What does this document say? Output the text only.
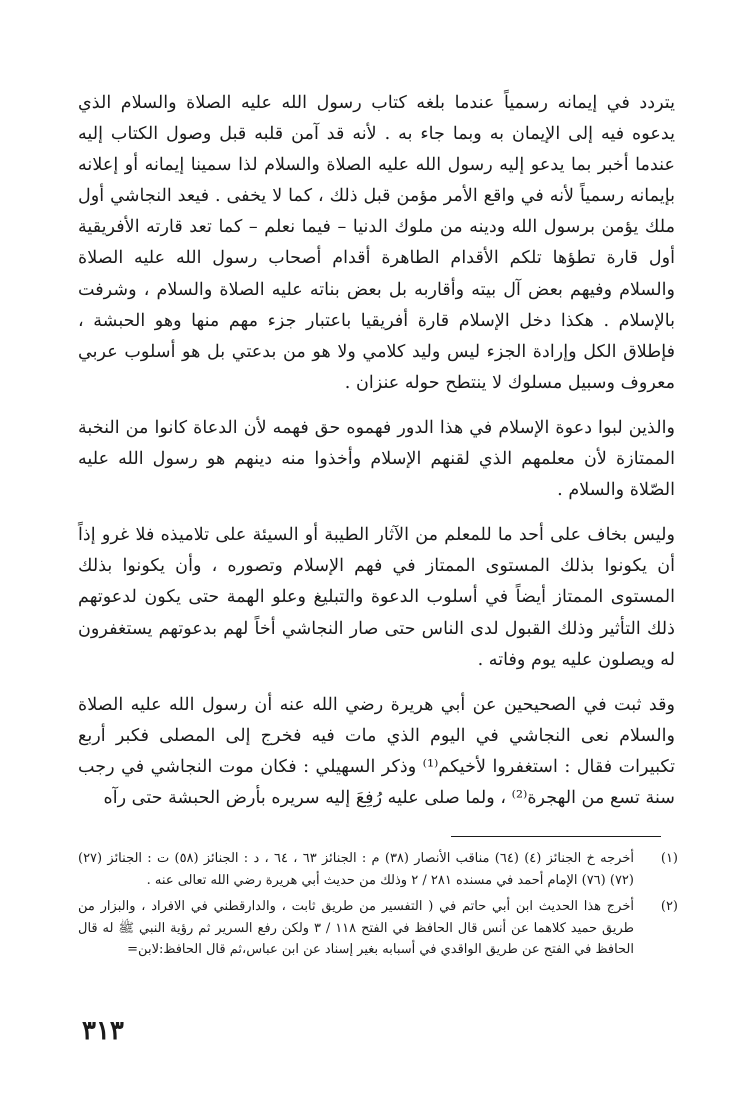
يتردد في إيمانه رسمياً عندما بلغه كتاب رسول الله عليه الصلاة والسلام الذي يدعوه فيه إلى الإيمان به وبما جاء به . لأنه قد آمن قلبه قبل وصول الكتاب إليه عندما أخبر بما يدعو إليه رسول الله عليه الصلاة والسلام لذا سمينا إيمانه أو إعلانه بإيمانه رسمياً لأنه في واقع الأمر مؤمن قبل ذلك ، كما لا يخفى . فيعد النجاشي أول ملك يؤمن برسول الله ودينه من ملوك الدنيا – فيما نعلم – كما تعد قارته الأفريقية أول قارة تطؤها تلكم الأقدام الطاهرة أقدام أصحاب رسول الله عليه الصلاة والسلام وفيهم بعض آل بيته وأقاربه بل بعض بناته عليه الصلاة والسلام ، وشرفت بالإسلام . هكذا دخل الإسلام قارة أفريقيا باعتبار جزء مهم منها وهو الحبشة ، فإطلاق الكل وإرادة الجزء ليس وليد كلامي ولا هو من بدعتي بل هو أسلوب عربي معروف وسبيل مسلوك لا ينتطح حوله عنزان .

والذين لبوا دعوة الإسلام في هذا الدور فهموه حق فهمه لأن الدعاة كانوا من النخبة الممتازة لأن معلمهم الذي لقنهم الإسلام وأخذوا منه دينهم هو رسول الله عليه الصّلاة والسلام .

وليس بخاف على أحد ما للمعلم من الآثار الطيبة أو السيئة على تلاميذه فلا غرو إذاً أن يكونوا بذلك المستوى الممتاز في فهم الإسلام وتصوره ، وأن يكونوا بذلك المستوى الممتاز أيضاً في أسلوب الدعوة والتبليغ وعلو الهمة حتى يكون لدعوتهم ذلك التأثير وذلك القبول لدى الناس حتى صار النجاشي أخاً لهم بدعوتهم يستغفرون له ويصلون عليه يوم وفاته .

وقد ثبت في الصحيحين عن أبي هريرة رضي الله عنه أن رسول الله عليه الصلاة والسلام نعى النجاشي في اليوم الذي مات فيه فخرج إلى المصلى فكبر أربع تكبيرات فقال : استغفروا لأخيكم⁽¹⁾ وذكر السهيلي : فكان موت النجاشي في رجب سنة تسع من الهجرة⁽²⁾ ، ولما صلى عليه رُفِعَ إليه سريره بأرض الحبشة حتى رآه

(١)
أخرجه خ الجنائز (٤) (٦٤) مناقب الأنصار (٣٨) م : الجنائز ٦٣ ، ٦٤ ، د : الجنائز (٥٨) ت : الجنائز (٢٧) (٧٢) (٧٦) الإمام أحمد في مسنده ٢٨١ / ٢ وذلك من حديث أبي هريرة رضي الله تعالى عنه .
(٢)
أخرج هذا الحديث ابن أبي حاتم في ( التفسير من طريق ثابت ، والدارقطني في الافراد ، والبزار من طريق حميد كلاهما عن أنس قال الحافظ في الفتح ١١٨ / ٣ ولكن رفع السرير ثم رؤية النبي ﷺ له قال الحافظ في الفتح عن طريق الواقدي في أسبابه بغير إسناد عن ابن عباس،ثم قال الحافظ:لابن=
٣١٣
